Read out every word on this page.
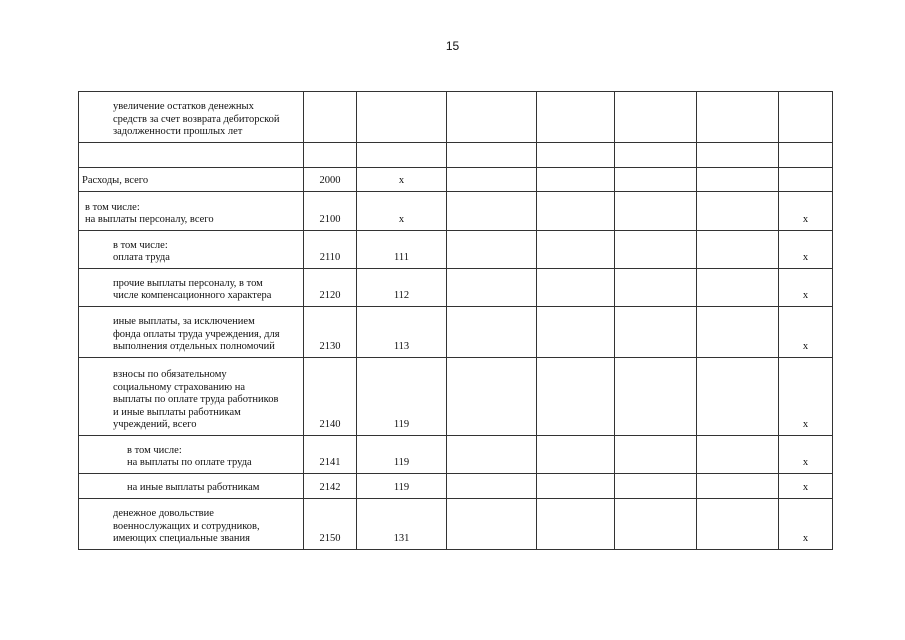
15
увеличение остатков денежных
средств за счет возврата дебиторской
задолженности прошлых лет							

Расходы, всего	2000	x					

в том числе:
на выплаты персоналу, всего	2100	x					x

в том числе:
оплата труда	2110	111					x

прочие выплаты персоналу, в том
числе компенсационного характера	2120	112					x

иные выплаты, за исключением
фонда оплаты труда учреждения, для
выполнения отдельных полномочий	2130	113					x

взносы по обязательному
социальному страхованию на
выплаты по оплате труда работников
и иные выплаты работникам
учреждений, всего	2140	119					x

в том числе:
на выплаты по оплате труда	2141	119					x

на иные выплаты работникам	2142	119					x

денежное довольствие
военнослужащих и сотрудников,
имеющих специальные звания	2150	131					x
